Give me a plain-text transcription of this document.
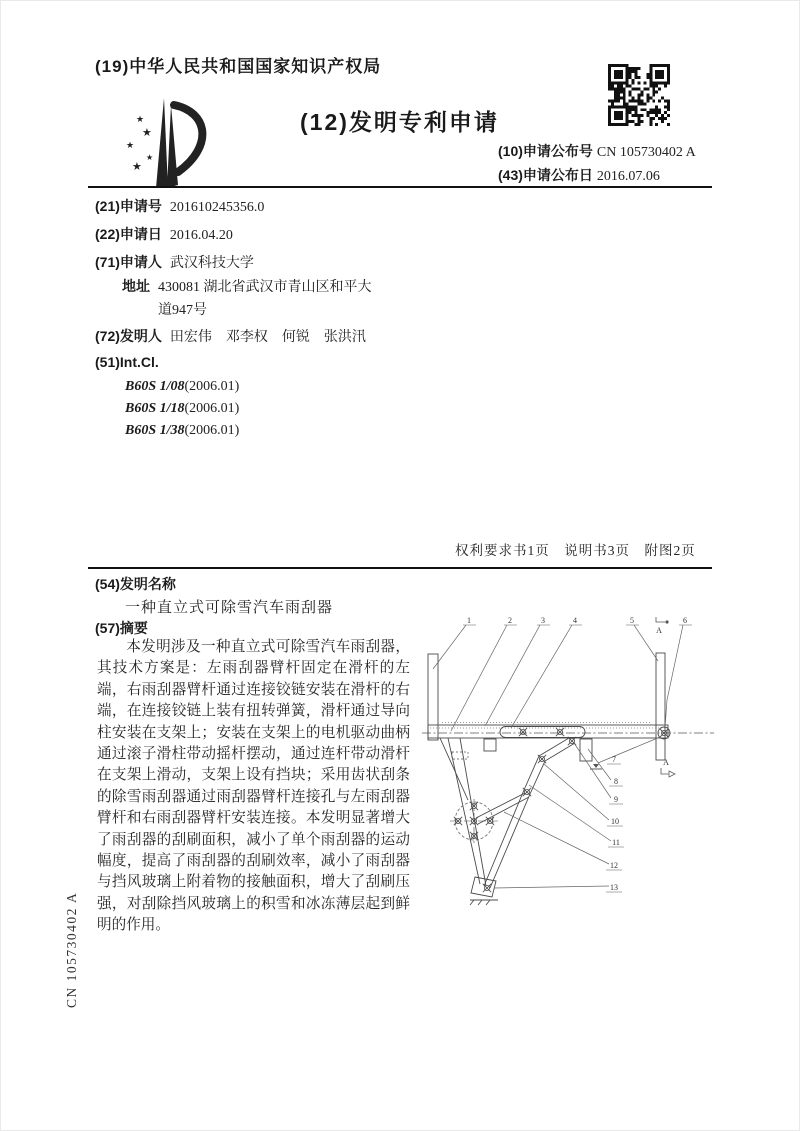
(19)中华人民共和国国家知识产权局
★
★
★
★
★
(12)发明专利申请
(10)申请公布号 CN 105730402 A
(43)申请公布日 2016.07.06
(21)申请号 201610245356.0
(22)申请日 2016.04.20
(71)申请人 武汉科技大学
地址 430081 湖北省武汉市青山区和平大
道947号
(72)发明人 田宏伟　邓李权　何锐　张洪汛
(51)Int.Cl.
B60S 1/08(2006.01)
B60S 1/18(2006.01)
B60S 1/38(2006.01)
权利要求书1页　说明书3页　附图2页
(54)发明名称
一种直立式可除雪汽车雨刮器
(57)摘要
本发明涉及一种直立式可除雪汽车雨刮器，其技术方案是：左雨刮器臂杆固定在滑杆的左端，右雨刮器臂杆通过连接铰链安装在滑杆的右端，在连接铰链上装有扭转弹簧，滑杆通过导向柱安装在支架上；安装在支架上的电机驱动曲柄通过滚子滑柱带动摇杆摆动，通过连杆带动滑杆在支架上滑动，支架上设有挡块；采用齿状刮条的除雪雨刮器通过雨刮器臂杆连接孔与左雨刮器臂杆和右雨刮器臂杆安装连接。本发明显著增大了雨刮器的刮刷面积，减小了单个雨刮器的运动幅度，提高了雨刮器的刮刷效率，减小了雨刮器与挡风玻璃上附着物的接触面积，增大了刮刷压强，对刮除挡风玻璃上的积雪和冰冻薄层起到鲜明的作用。
1	2	3	4	5	6
7
8
9
10
11
12
13
A
A
CN 105730402 A
